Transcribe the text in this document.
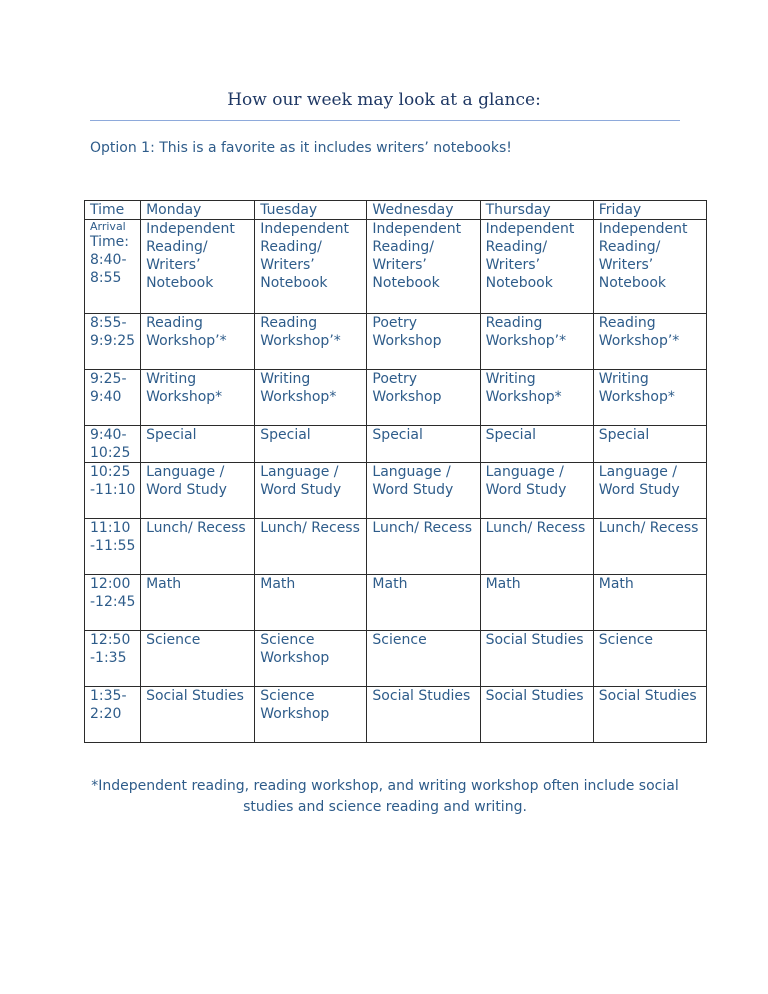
How our week may look at a glance:
Option 1: This is a favorite as it includes writers’ notebooks!
Time	Monday	Tuesday	Wednesday	Thursday	Friday

Arrival
Time: 8:40-8:55	Independent Reading/ Writers’ Notebook	Independent Reading/ Writers’ Notebook	Independent Reading/ Writers’ Notebook	Independent Reading/ Writers’ Notebook	Independent Reading/ Writers’ Notebook
8:55-9:9:25	Reading Workshop’*	Reading Workshop’*	Poetry Workshop	Reading Workshop’*	Reading Workshop’*
9:25-9:40	Writing Workshop*	Writing Workshop*	Poetry Workshop	Writing Workshop*	Writing Workshop*
9:40-10:25	Special	Special	Special	Special	Special
10:25 -11:10	Language / Word Study	Language / Word Study	Language / Word Study	Language / Word Study	Language / Word Study
11:10 -11:55	Lunch/ Recess	Lunch/ Recess	Lunch/ Recess	Lunch/ Recess	Lunch/ Recess
12:00 -12:45	Math	Math	Math	Math	Math
12:50 -1:35	Science	Science Workshop	Science	Social Studies	Science
1:35-2:20	Social Studies	Science Workshop	Social Studies	Social Studies	Social Studies
*Independent reading, reading workshop, and writing workshop often include social studies and science reading and writing.
